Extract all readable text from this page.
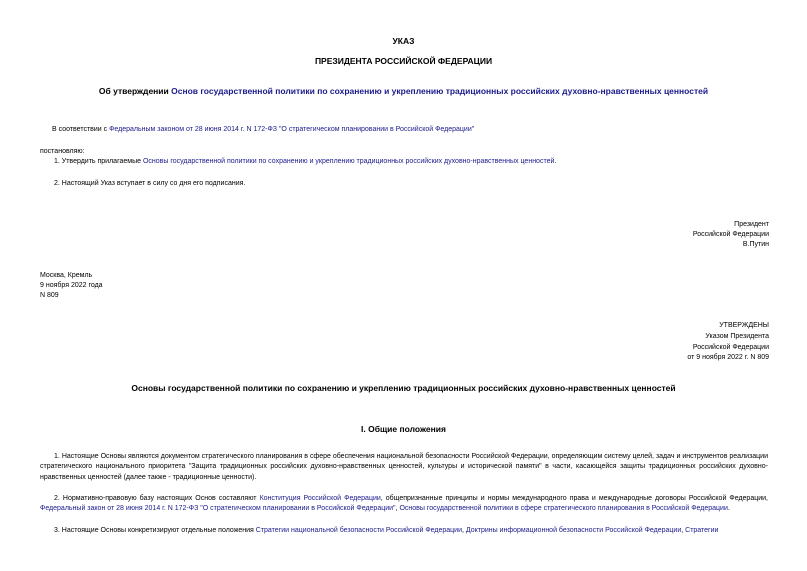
УКАЗ
ПРЕЗИДЕНТА РОССИЙСКОЙ ФЕДЕРАЦИИ
Об утверждении Основ государственной политики по сохранению и укреплению традиционных российских духовно-нравственных ценностей
В соответствии с Федеральным законом от 28 июня 2014 г. N 172-ФЗ "О стратегическом планировании в Российской Федерации"
постановляю:
1. Утвердить прилагаемые Основы государственной политики по сохранению и укреплению традиционных российских духовно-нравственных ценностей.
2. Настоящий Указ вступает в силу со дня его подписания.
Президент
Российской Федерации
В.Путин
Москва, Кремль
9 ноября 2022 года
N 809
УТВЕРЖДЕНЫ
Указом Президента
Российской Федерации
от 9 ноября 2022 г. N 809
Основы государственной политики по сохранению и укреплению традиционных российских духовно-нравственных ценностей
I. Общие положения
1. Настоящие Основы являются документом стратегического планирования в сфере обеспечения национальной безопасности Российской Федерации, определяющим систему целей, задач и инструментов реализации стратегического национального приоритета "Защита традиционных российских духовно-нравственных ценностей, культуры и исторической памяти" в части, касающейся защиты традиционных российских духовно-нравственных ценностей (далее также - традиционные ценности).
2. Нормативно-правовую базу настоящих Основ составляют Конституция Российской Федерации, общепризнанные принципы и нормы международного права и международные договоры Российской Федерации, Федеральный закон от 28 июня 2014 г. N 172-ФЗ "О стратегическом планировании в Российской Федерации", Основы государственной политики в сфере стратегического планирования в Российской Федерации.
3. Настоящие Основы конкретизируют отдельные положения Стратегии национальной безопасности Российской Федерации, Доктрины информационной безопасности Российской Федерации, Стратегии
